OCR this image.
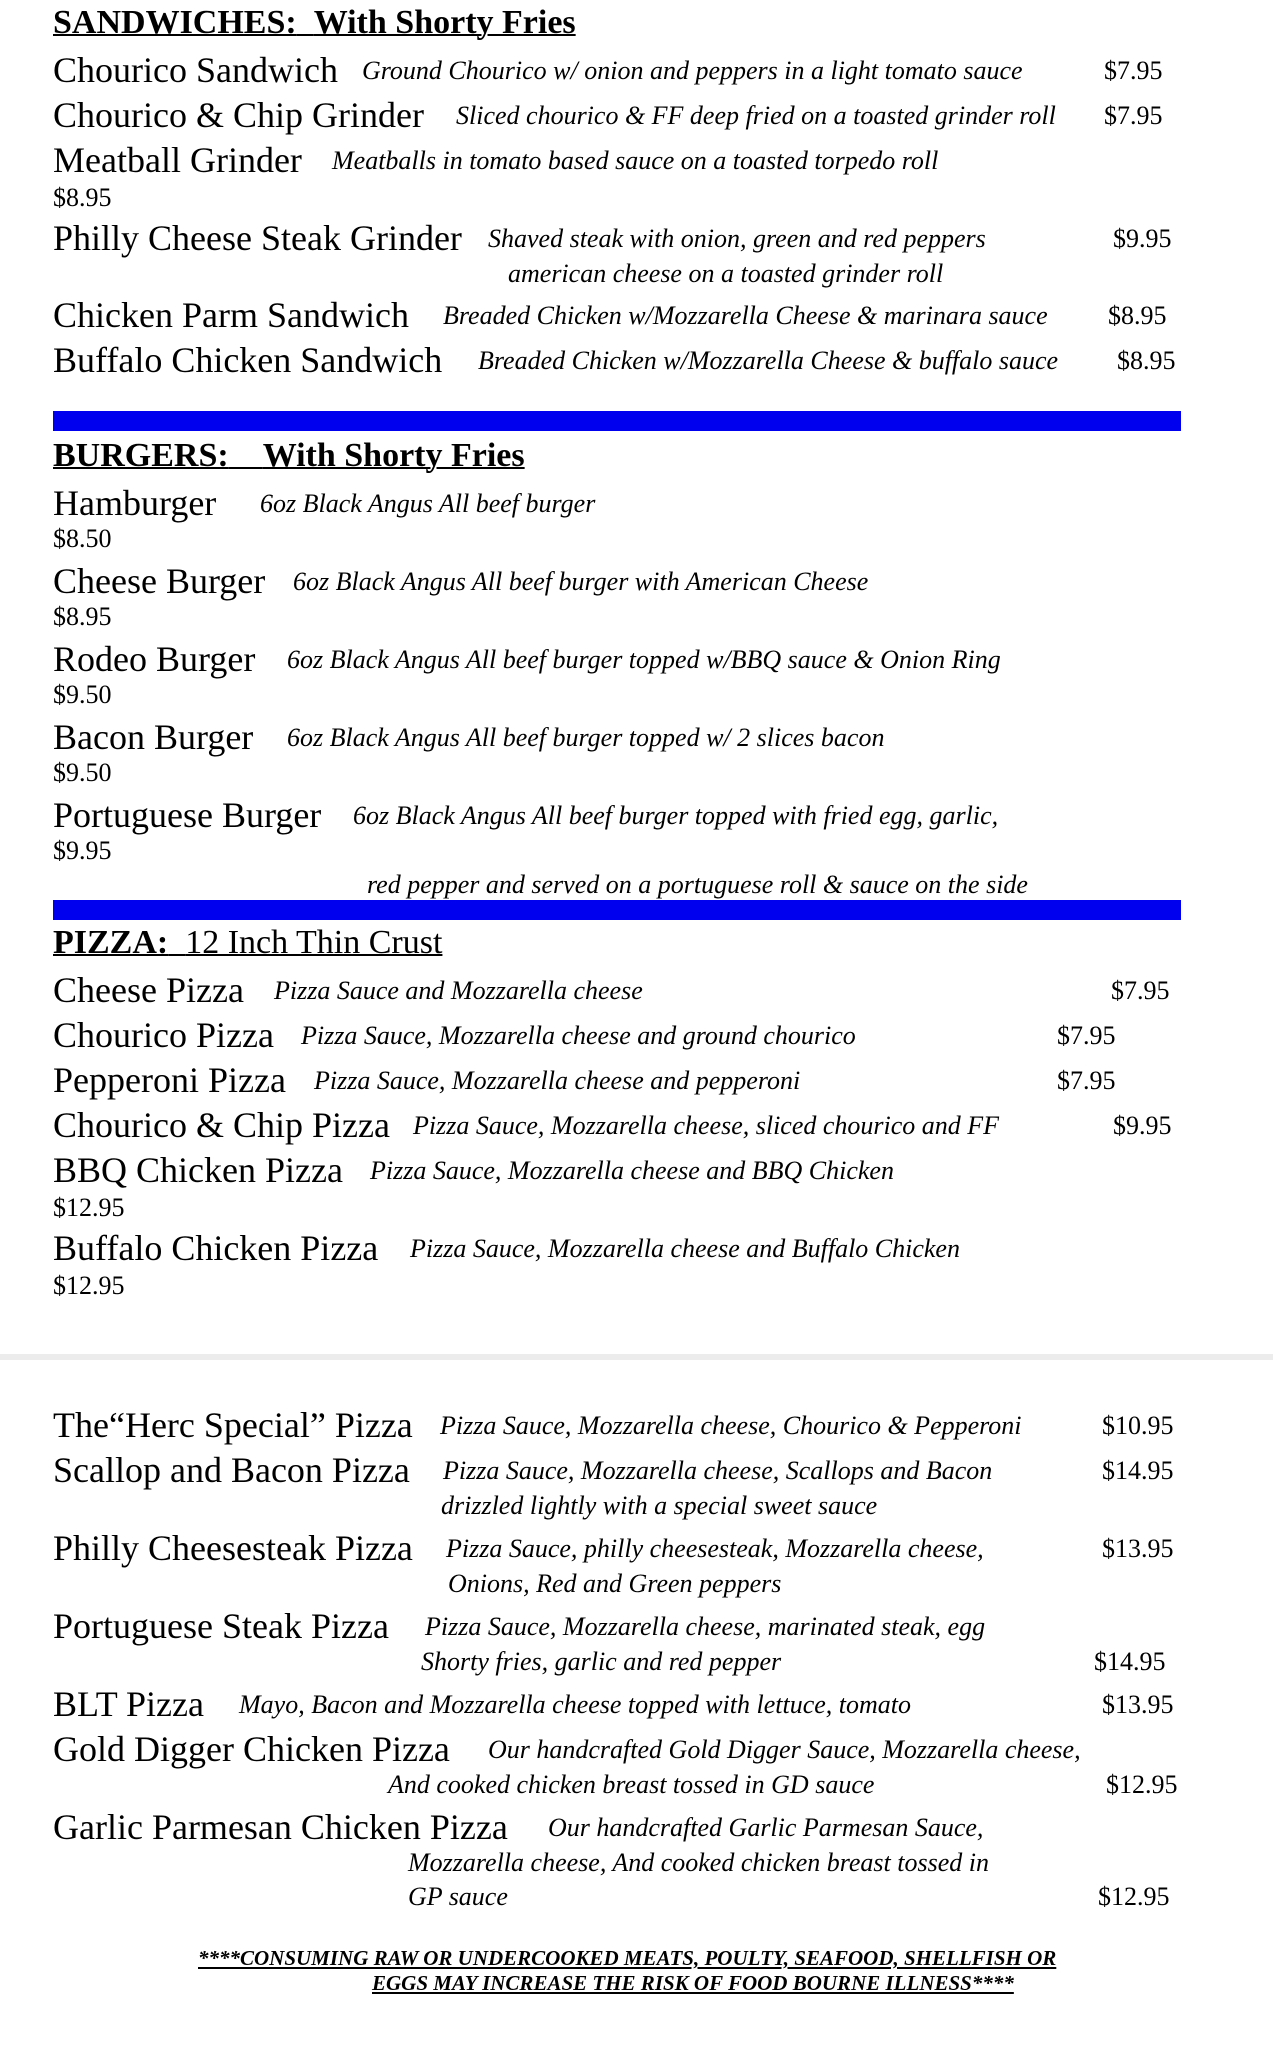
SANDWICHES: With Shorty Fries
Chourico Sandwich Ground Chourico w/ onion and peppers in a light tomato sauce	$7.95
Chourico & Chip Grinder Sliced chourico & FF deep fried on a toasted grinder roll $7.95
Meatball Grinder Meatballs in tomato based sauce on a toasted torpedo roll
$8.95
Philly Cheese Steak Grinder Shaved steak with onion, green and red peppers
american cheese on a toasted grinder roll
$9.95
Chicken Parm Sandwich Breaded Chicken w/Mozzarella Cheese & marinara sauce $8.95
Buffalo Chicken Sandwich Breaded Chicken w/Mozzarella Cheese & buffalo sauce $8.95
BURGERS: With Shorty Fries
Hamburger 6oz Black Angus All beef burger
$8.50
Cheese Burger 6oz Black Angus All beef burger with American Cheese
$8.95
Rodeo Burger 6oz Black Angus All beef burger topped w/BBQ sauce & Onion Ring
$9.50
Bacon Burger 6oz Black Angus All beef burger topped w/ 2 slices bacon
$9.50
Portuguese Burger 6oz Black Angus All beef burger topped with fried egg, garlic,
$9.95
red pepper and served on a portuguese roll & sauce on the side
PIZZA: 12 Inch Thin Crust
Cheese Pizza Pizza Sauce and Mozzarella cheese	$7.95
Chourico Pizza Pizza Sauce, Mozzarella cheese and ground chourico	$7.95
Pepperoni Pizza Pizza Sauce, Mozzarella cheese and pepperoni	$7.95
Chourico & Chip Pizza Pizza Sauce, Mozzarella cheese, sliced chourico and FF	$9.95
BBQ Chicken Pizza Pizza Sauce, Mozzarella cheese and BBQ Chicken
$12.95
Buffalo Chicken Pizza Pizza Sauce, Mozzarella cheese and Buffalo Chicken
$12.95
The“Herc Special” Pizza Pizza Sauce, Mozzarella cheese, Chourico & Pepperoni	$10.95
Scallop and Bacon Pizza Pizza Sauce, Mozzarella cheese, Scallops and Bacon
drizzled lightly with a special sweet sauce
$14.95
Philly Cheesesteak Pizza Pizza Sauce, philly cheesesteak, Mozzarella cheese,
Onions, Red and Green peppers
$13.95
Portuguese Steak Pizza Pizza Sauce, Mozzarella cheese, marinated steak, egg
Shorty fries, garlic and red pepper	$14.95
BLT Pizza Mayo, Bacon and Mozzarella cheese topped with lettuce, tomato	$13.95
Gold Digger Chicken Pizza Our handcrafted Gold Digger Sauce, Mozzarella cheese,
And cooked chicken breast tossed in GD sauce	$12.95
Garlic Parmesan Chicken Pizza Our handcrafted Garlic Parmesan Sauce,
Mozzarella cheese, And cooked chicken breast tossed in
GP sauce	$12.95
****CONSUMING RAW OR UNDERCOOKED MEATS, POULTY, SEAFOOD, SHELLFISH OR
EGGS MAY INCREASE THE RISK OF FOOD BOURNE ILLNESS****
